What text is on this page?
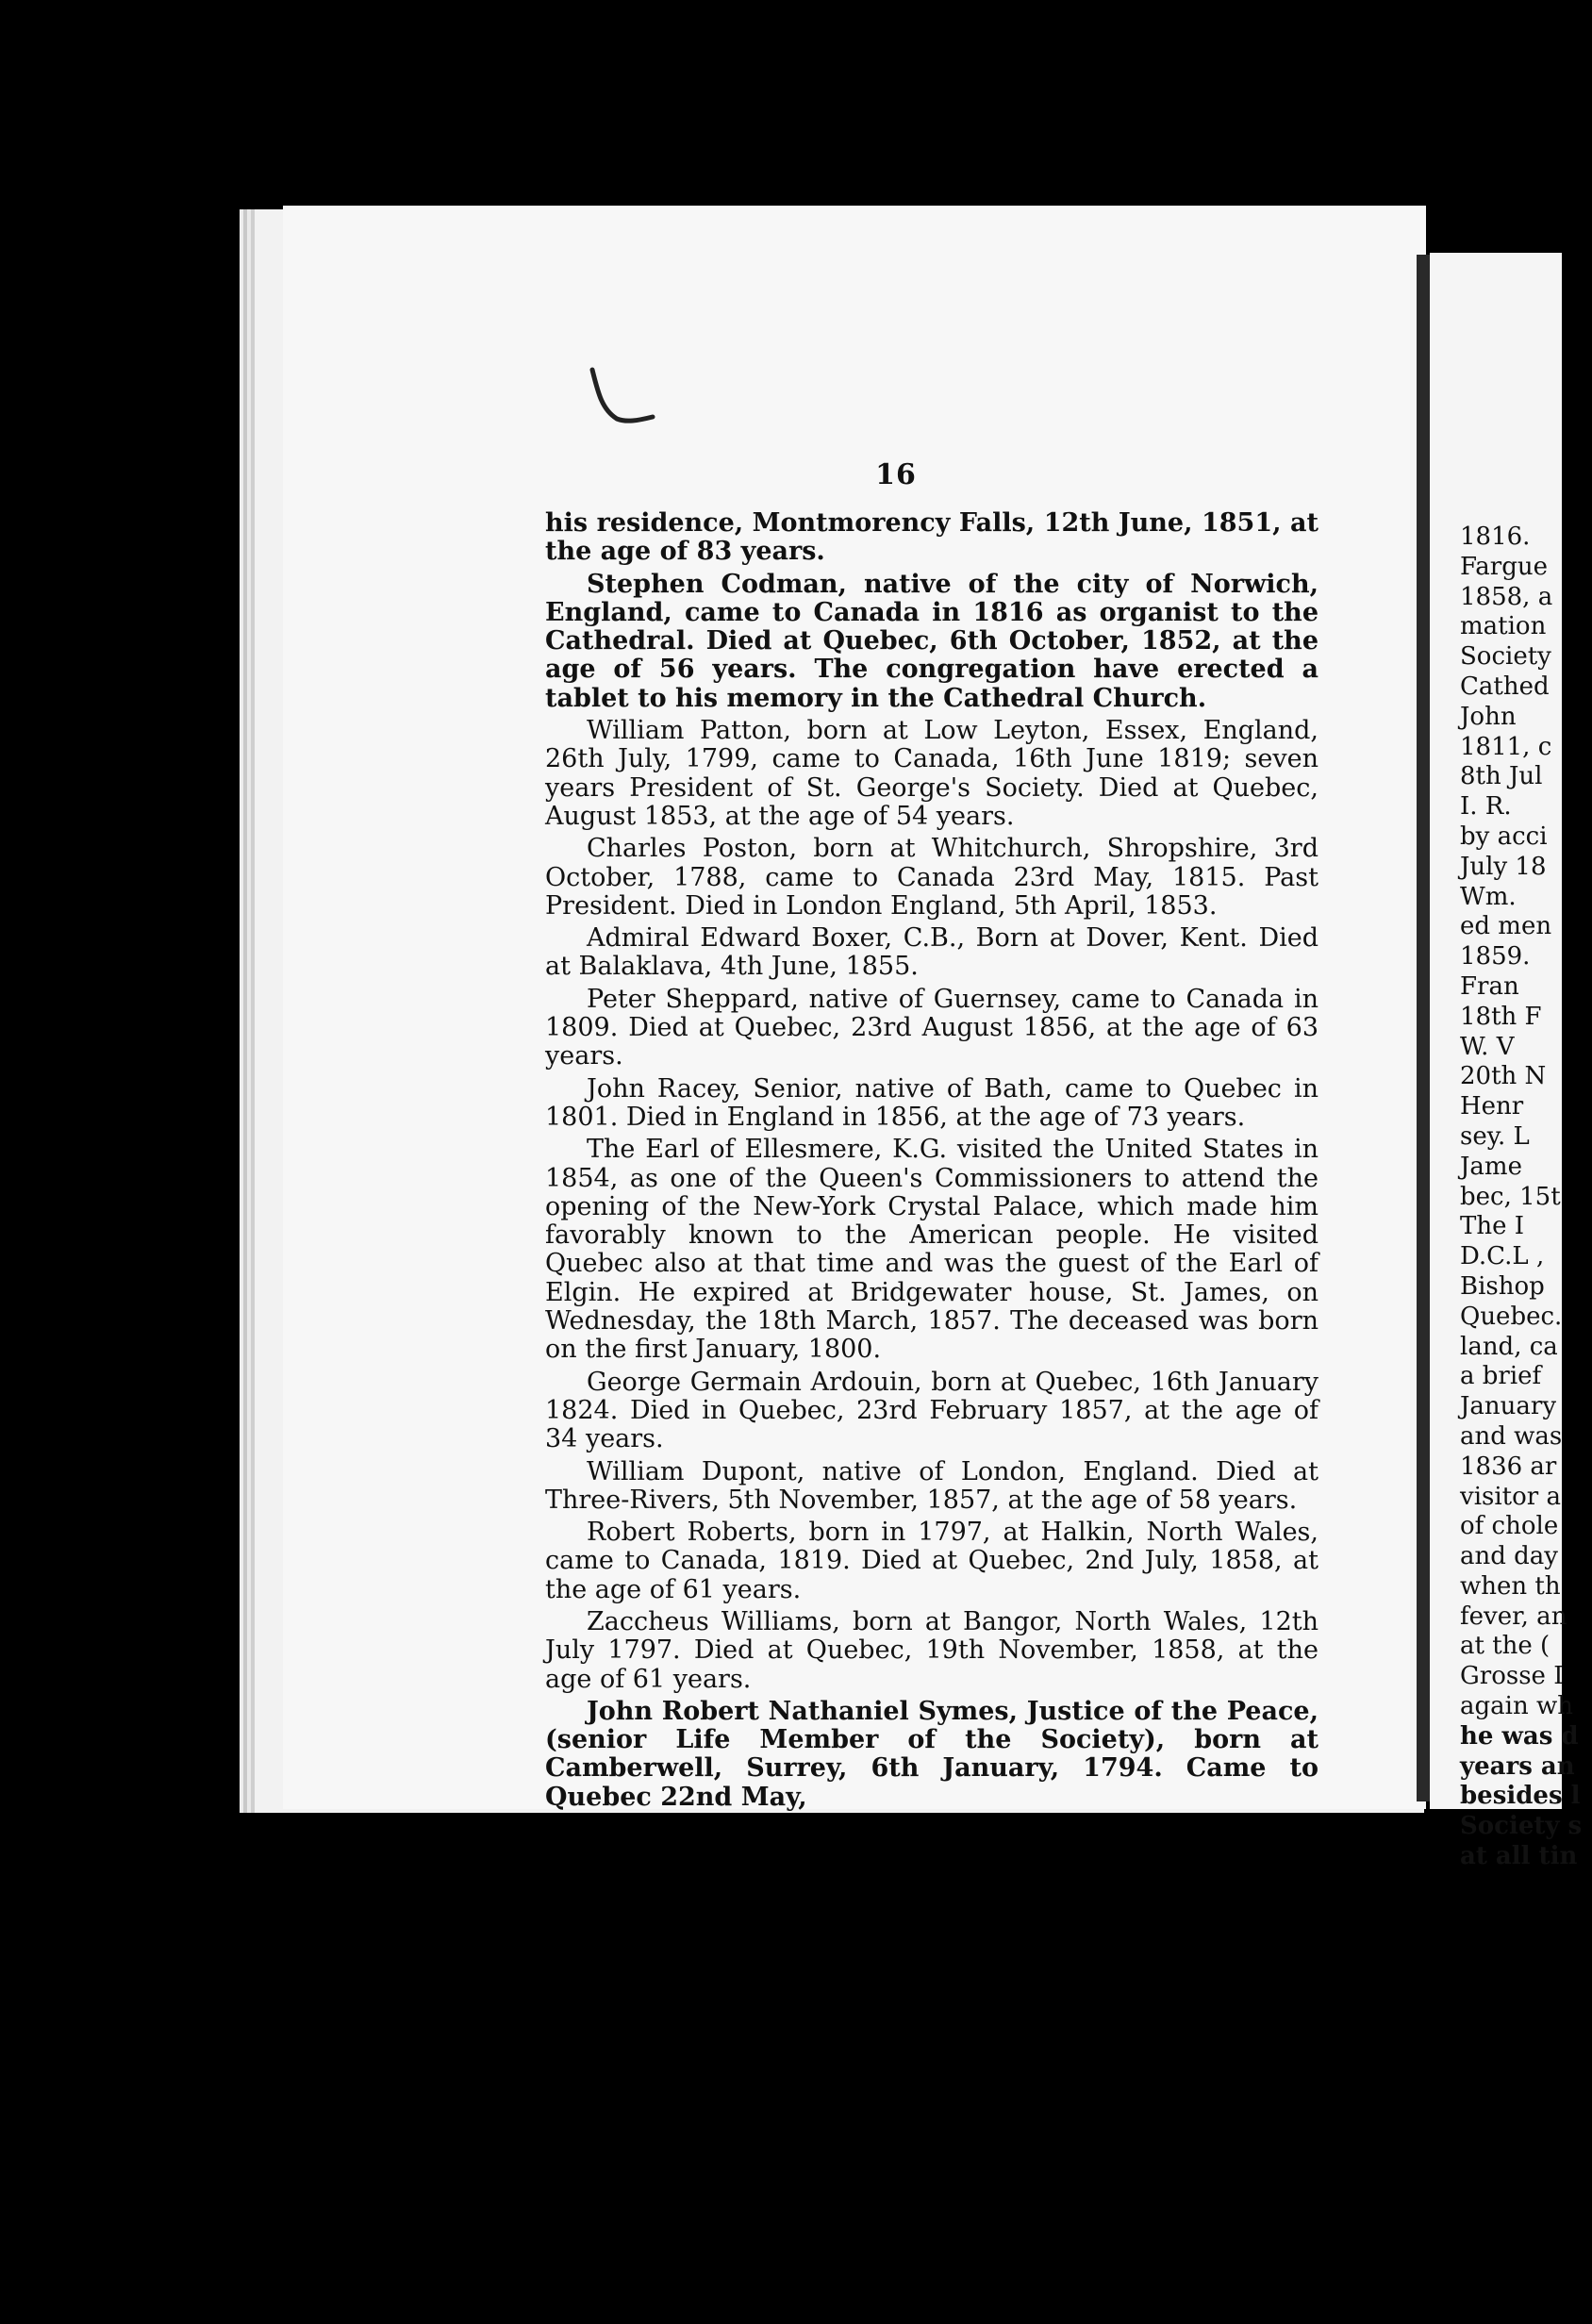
16

his residence, Montmorency Falls, 12th June, 1851, at the age of 83 years.

Stephen Codman, native of the city of Norwich, England, came to Canada in 1816 as organist to the Cathedral. Died at Quebec, 6th October, 1852, at the age of 56 years. The congregation have erected a tablet to his memory in the Cathedral Church.

William Patton, born at Low Leyton, Essex, England, 26th July, 1799, came to Canada, 16th June 1819; seven years President of St. George's Society. Died at Quebec, August 1853, at the age of 54 years.

Charles Poston, born at Whitchurch, Shropshire, 3rd October, 1788, came to Canada 23rd May, 1815. Past President. Died in London England, 5th April, 1853.

Admiral Edward Boxer, C.B., Born at Dover, Kent. Died at Balaklava, 4th June, 1855.

Peter Sheppard, native of Guernsey, came to Canada in 1809. Died at Quebec, 23rd August 1856, at the age of 63 years.

John Racey, Senior, native of Bath, came to Quebec in 1801. Died in England in 1856, at the age of 73 years.

The Earl of Ellesmere, K.G. visited the United States in 1854, as one of the Queen's Commissioners to attend the opening of the New-York Crystal Palace, which made him favorably known to the American people. He visited Quebec also at that time and was the guest of the Earl of Elgin. He expired at Bridgewater house, St. James, on Wednesday, the 18th March, 1857. The deceased was born on the first January, 1800.

George Germain Ardouin, born at Quebec, 16th January 1824. Died in Quebec, 23rd February 1857, at the age of 34 years.

William Dupont, native of London, England. Died at Three-Rivers, 5th November, 1857, at the age of 58 years.

Robert Roberts, born in 1797, at Halkin, North Wales, came to Canada, 1819. Died at Quebec, 2nd July, 1858, at the age of 61 years.

Zaccheus Williams, born at Bangor, North Wales, 12th July 1797. Died at Quebec, 19th November, 1858, at the age of 61 years.

John Robert Nathaniel Symes, Justice of the Peace, (senior Life Member of the Society), born at Camberwell, Surrey, 6th January, 1794. Came to Quebec 22nd May,

1816.
Fargue
1858, a
mation
Society
Cathed
John
1811, c
8th Jul
I. R.
by acci
July 18
Wm.
ed men
1859.
Fran
18th F
W. V
20th N
Henr
sey. L
Jame
bec, 15t
The I
D.C.L ,
Bishop
Quebec.
land, ca
a brief
January
and was
1836 ar
visitor a
of chole
and day
when th
fever, an
at the (
Grosse I
again wh
he was d
years an
besides l
Society s
at all tin
